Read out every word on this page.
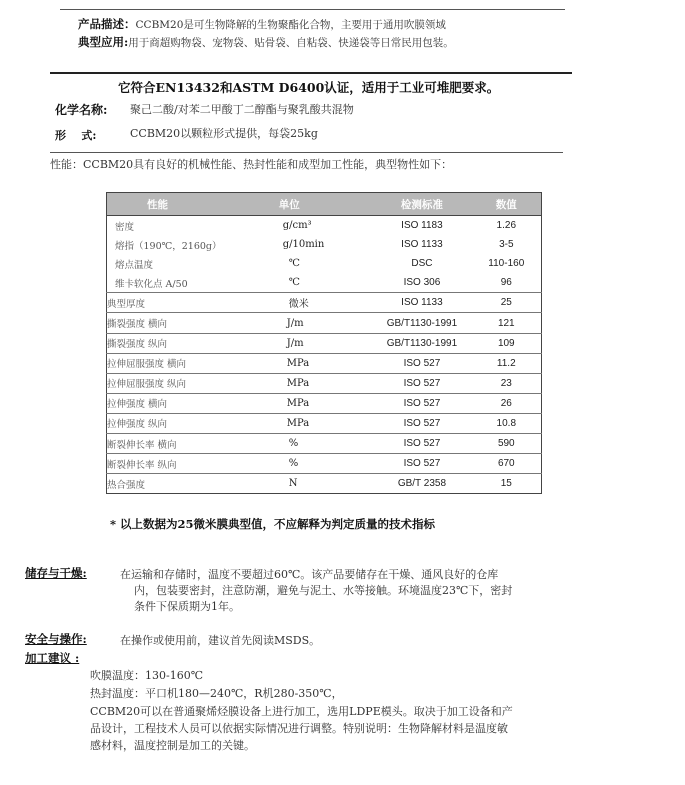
产品描述：CCBM20是可生物降解的生物聚酯化合物，主要用于通用吹膜领域
典型应用:用于商超购物袋、宠物袋、贴骨袋、自粘袋、快递袋等日常民用包装。
它符合EN13432和ASTM D6400认证，适用于工业可堆肥要求。
化学名称: 聚己二酸/对苯二甲酸丁二醇酯与聚乳酸共混物
形    式:	CCBM20以颗粒形式提供，每袋25kg
性能：CCBM20具有良好的机械性能、热封性能和成型加工性能，典型物性如下：
性能	单位	检测标准	数值
密度	g/cm³	ISO 1183	1.26
熔指（190℃，2160g）	g/10min	ISO 1133	3-5
熔点温度	℃	DSC	110-160
维卡软化点 A/50	℃	ISO 306	96
典型厚度	微米	ISO 1133	25
撕裂强度 横向	J/m	GB/T1130-1991	121
撕裂强度 纵向	J/m	GB/T1130-1991	109
拉伸屈服强度 横向	MPa	ISO 527	11.2
拉伸屈服强度 纵向	MPa	ISO 527	23
拉伸强度 横向	MPa	ISO 527	26
拉伸强度 纵向	MPa	ISO 527	10.8
断裂伸长率 横向	%	ISO 527	590
断裂伸长率 纵向	%	ISO 527	670
热合强度	N	GB/T 2358	15
* 以上数据为25微米膜典型值，不应解释为判定质量的技术指标
储存与干燥:	在运输和存储时，温度不要超过60℃。该产品要储存在干燥、通风良好的仓库
内，包装要密封，注意防潮，避免与泥土、水等接触。环境温度23℃下，密封
条件下保质期为1年。
安全与操作:	在操作或使用前，建议首先阅读MSDS。
加工建议 :
吹膜温度：130-160℃
热封温度：平口机180—240℃，R机280-350℃，
CCBM20可以在普通聚烯烃膜设备上进行加工，选用LDPE模头。取决于加工设备和产
品设计，工程技术人员可以依据实际情况进行调整。特别说明：生物降解材料是温度敏
感材料，温度控制是加工的关键。
